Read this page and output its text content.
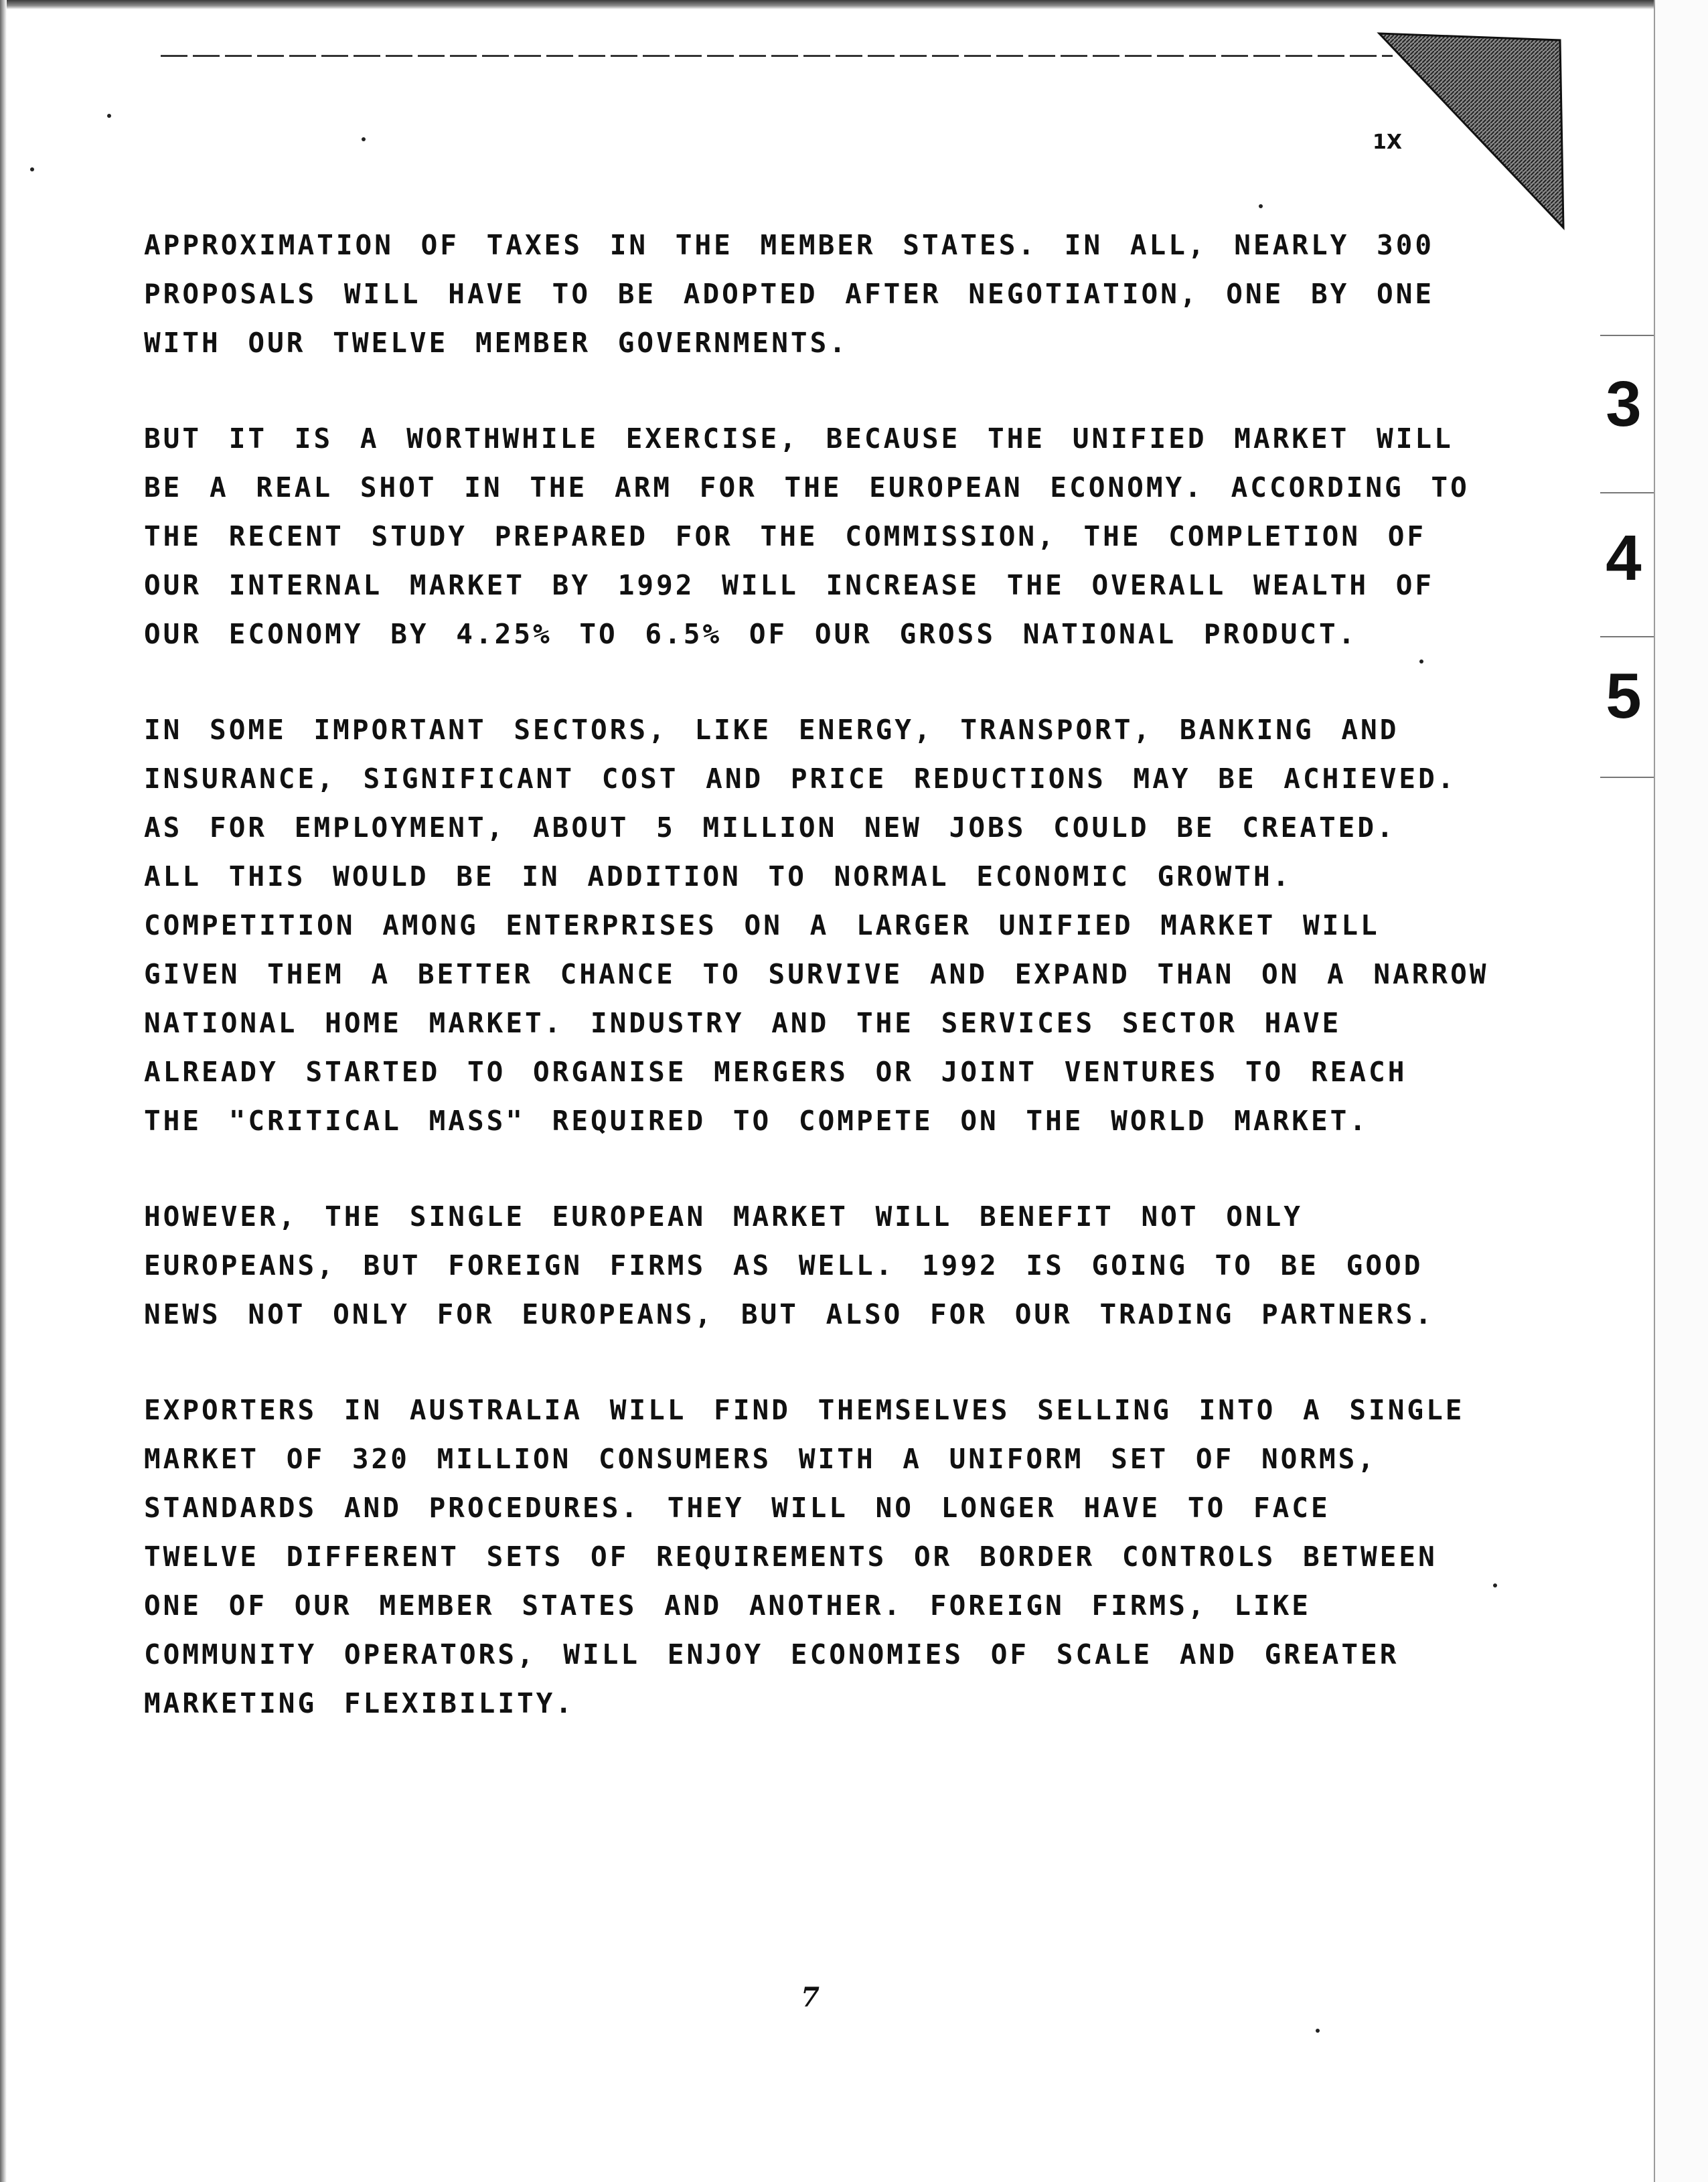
1X
3
4
5

APPROXIMATION OF TAXES IN THE MEMBER STATES. IN ALL, NEARLY 300
PROPOSALS WILL HAVE TO BE ADOPTED AFTER NEGOTIATION, ONE BY ONE
WITH OUR TWELVE MEMBER GOVERNMENTS.

BUT IT IS A WORTHWHILE EXERCISE, BECAUSE THE UNIFIED MARKET WILL
BE A REAL SHOT IN THE ARM FOR THE EUROPEAN ECONOMY. ACCORDING TO
THE RECENT STUDY PREPARED FOR THE COMMISSION, THE COMPLETION OF
OUR INTERNAL MARKET BY 1992 WILL INCREASE THE OVERALL WEALTH OF
OUR ECONOMY BY 4.25% TO 6.5% OF OUR GROSS NATIONAL PRODUCT.

IN SOME IMPORTANT SECTORS, LIKE ENERGY, TRANSPORT, BANKING AND
INSURANCE, SIGNIFICANT COST AND PRICE REDUCTIONS MAY BE ACHIEVED.
AS FOR EMPLOYMENT, ABOUT 5 MILLION NEW JOBS COULD BE CREATED.
ALL THIS WOULD BE IN ADDITION TO NORMAL ECONOMIC GROWTH.
COMPETITION AMONG ENTERPRISES ON A LARGER UNIFIED MARKET WILL
GIVEN THEM A BETTER CHANCE TO SURVIVE AND EXPAND THAN ON A NARROW
NATIONAL HOME MARKET. INDUSTRY AND THE SERVICES SECTOR HAVE
ALREADY STARTED TO ORGANISE MERGERS OR JOINT VENTURES TO REACH
THE "CRITICAL MASS" REQUIRED TO COMPETE ON THE WORLD MARKET.

HOWEVER, THE SINGLE EUROPEAN MARKET WILL BENEFIT NOT ONLY
EUROPEANS, BUT FOREIGN FIRMS AS WELL. 1992 IS GOING TO BE GOOD
NEWS NOT ONLY FOR EUROPEANS, BUT ALSO FOR OUR TRADING PARTNERS.

EXPORTERS IN AUSTRALIA WILL FIND THEMSELVES SELLING INTO A SINGLE
MARKET OF 320 MILLION CONSUMERS WITH A UNIFORM SET OF NORMS,
STANDARDS AND PROCEDURES. THEY WILL NO LONGER HAVE TO FACE
TWELVE DIFFERENT SETS OF REQUIREMENTS OR BORDER CONTROLS BETWEEN
ONE OF OUR MEMBER STATES AND ANOTHER. FOREIGN FIRMS, LIKE
COMMUNITY OPERATORS, WILL ENJOY ECONOMIES OF SCALE AND GREATER
MARKETING FLEXIBILITY.

7
